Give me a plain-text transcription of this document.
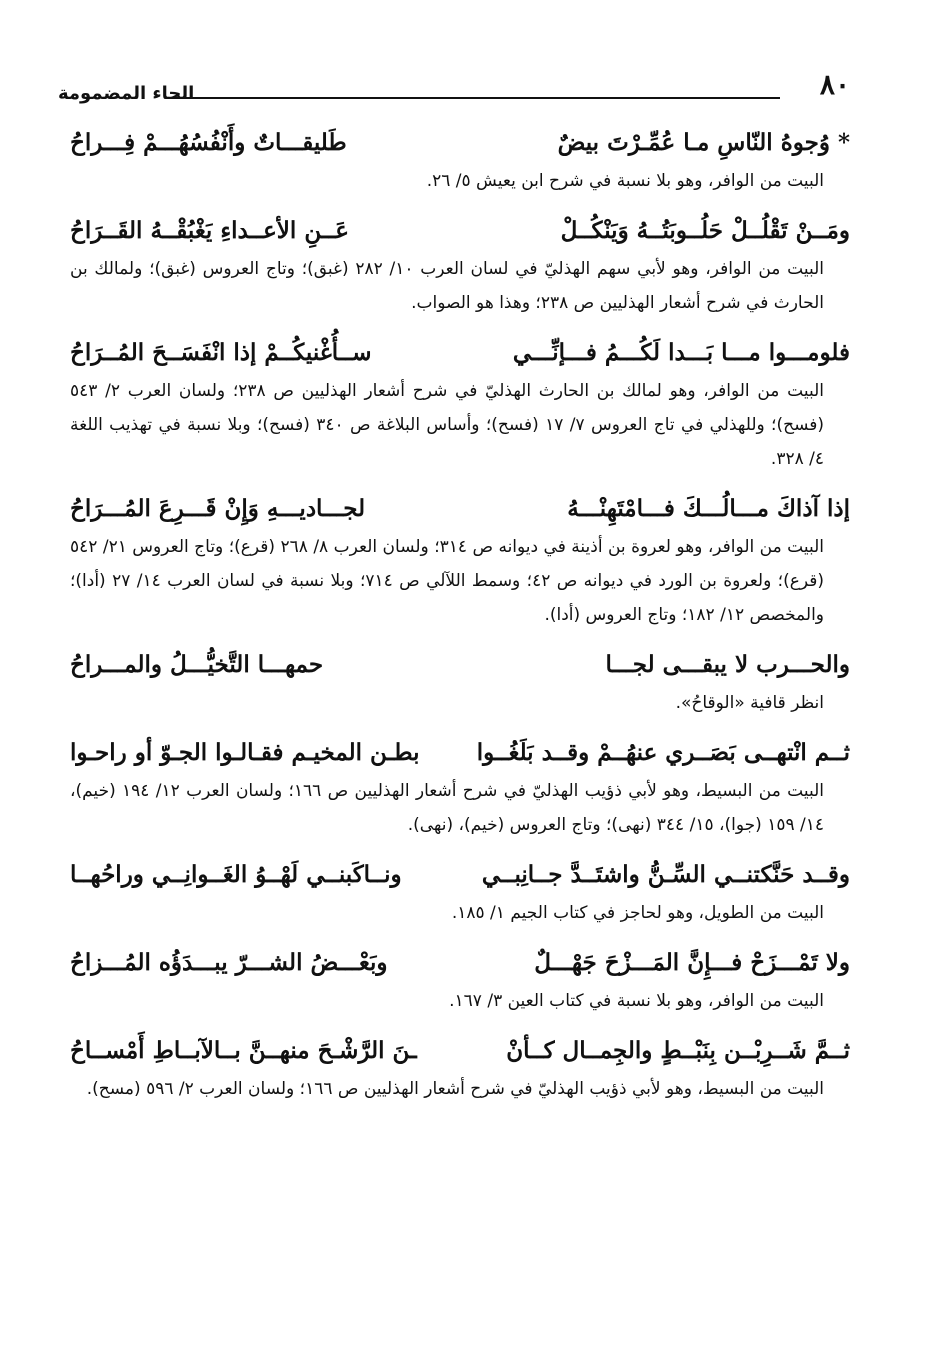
الحاء المضمومة	٨٠
* وُجوهُ النّاسِ مـا عُمِّـرْتَ بيضٌ
طَليقـــاتٌ وأَنْفُسُهُـــمْ فِـــراحُ
البيت من الوافر، وهو بلا نسبة في شرح ابن يعيش ٥/ ٢٦.
ومَــنْ تَقْلُــلْ حَلُــوبَتُــهُ وَيَنْكُــلْ
عَــنِ الأعــداءِ يَغْبُقْــهُ القَــرَاحُ
البيت من الوافر، وهو لأبي سهم الهذليّ في لسان العرب ١٠/ ٢٨٢ (غبق)؛ وتاج العروس (غبق)؛ ولمالك بن الحارث في شرح أشعار الهذليين ص ٢٣٨؛ وهذا هو الصواب.
فلومـــوا مـــا بَـــدا لَكُـــمُ فـــإنِّـــي
ســأُغْنيكُــمْ إذا انْفَسَــحَ المُــرَاحُ
البيت من الوافر، وهو لمالك بن الحارث الهذليّ في شرح أشعار الهذليين ص ٢٣٨؛ ولسان العرب ٢/ ٥٤٣ (فسح)؛ وللهذلي في تاج العروس ٧/ ١٧ (فسح)؛ وأساس البلاغة ص ٣٤٠ (فسح)؛ وبلا نسبة في تهذيب اللغة ٤/ ٣٢٨.
إذا آذاكَ مـــالُـــكَ فـــامْتَهِنْـــهُ
لجـــاديـــهِ وَإِنْ قَـــرِعَ المُـــرَاحُ
البيت من الوافر، وهو لعروة بن أذينة في ديوانه ص ٣١٤؛ ولسان العرب ٨/ ٢٦٨ (قرع)؛ وتاج العروس ٢١/ ٥٤٢ (قرع)؛ ولعروة بن الورد في ديوانه ص ٤٢؛ وسمط اللآلي ص ٧١٤؛ وبلا نسبة في لسان العرب ١٤/ ٢٧ (أدا)؛ والمخصص ١٢/ ١٨٢؛ وتاج العروس (أدا).
والحـــرب لا يبقـــى لجـــا
حمهـــا التَّخيُّـــلُ والمـــراحُ
انظر قافية «الوقاحُ».
ثــم انْتهــى بَصَــري عنهُــمْ وقــد بَلَغُــوا
بطـن المخيـم فقـالـوا الجـوّ أو راحـوا
البيت من البسيط، وهو لأبي ذؤيب الهذليّ في شرح أشعار الهذليين ص ١٦٦؛ ولسان العرب ١٢/ ١٩٤ (خيم)، ١٤/ ١٥٩ (جوا)، ١٥/ ٣٤٤ (نهى)؛ وتاج العروس (خيم)، (نهى).
وقــد حَنَّكتنــي السِّـنُّ واشتَــدَّ جــانِبــي
ونــاكَبنــي لَهْــوُ الغَــوانِــي وراحُهــا
البيت من الطويل، وهو لحاجز في كتاب الجيم ١/ ١٨٥.
ولا تَمْـــزَحْ فـــإِنَّ المَـــزْحَ جَهْـــلٌ
وبَعْـــضُ الشـــرّ يبـــدَؤُه المُـــزاحُ
البيت من الوافر، وهو بلا نسبة في كتاب العين ٣/ ١٦٧.
ثــمَّ شَــرِبْــن بِنَبْــطٍ والجِمــال كــأنْ
ـنَ الرَّشْـحَ منهــنَّ بــالآبــاطِ أَمْســاحُ
البيت من البسيط، وهو لأبي ذؤيب الهذليّ في شرح أشعار الهذليين ص ١٦٦؛ ولسان العرب ٢/ ٥٩٦ (مسح).
